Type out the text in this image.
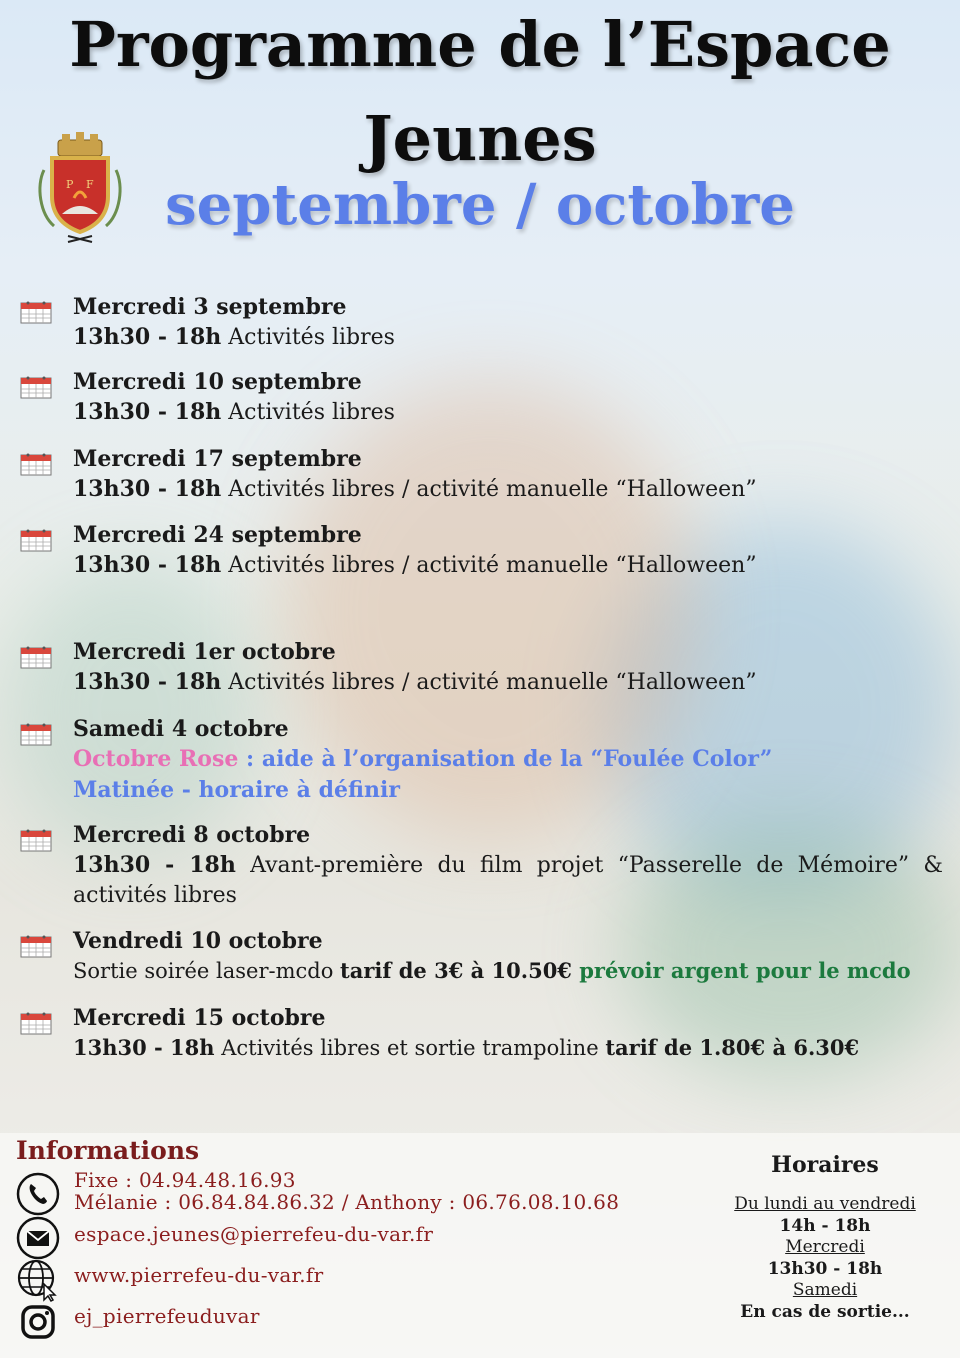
Programme de l’Espace
Jeunes
septembre / octobre
P F
Mercredi 3 septembre
13h30 - 18h Activités libres
Mercredi 10 septembre
13h30 - 18h Activités libres
Mercredi 17 septembre
13h30 - 18h Activités libres / activité manuelle “Halloween”
Mercredi 24 septembre
13h30 - 18h Activités libres / activité manuelle “Halloween”
Mercredi 1er octobre
13h30 - 18h Activités libres / activité manuelle “Halloween”
Samedi 4 octobre
Octobre Rose : aide à l’organisation de la “Foulée Color”
Matinée - horaire à définir
Mercredi 8 octobre
13h30 - 18h Avant-première du film projet “Passerelle de Mémoire” & activités libres
Vendredi 10 octobre
Sortie soirée laser-mcdo tarif de 3€ à 10.50€ prévoir argent pour le mcdo
Mercredi 15 octobre
13h30 - 18h Activités libres et sortie trampoline tarif de 1.80€ à 6.30€
Informations
Fixe : 04.94.48.16.93
Mélanie : 06.84.84.86.32 / Anthony : 06.76.08.10.68
espace.jeunes@pierrefeu-du-var.fr
www.pierrefeu-du-var.fr
ej_pierrefeuduvar
Horaires
Du lundi au vendredi
14h - 18h
Mercredi
13h30 - 18h
Samedi
En cas de sortie...
